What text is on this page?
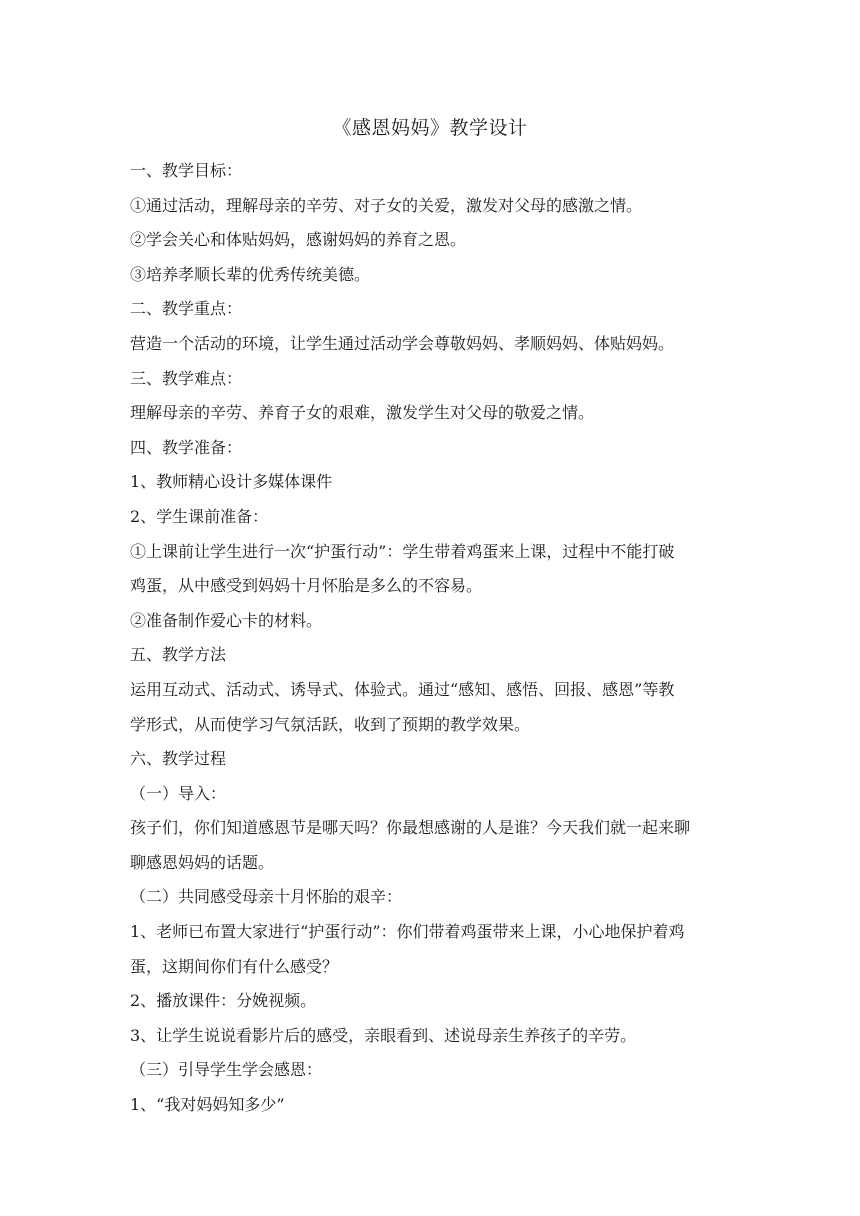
《感恩妈妈》教学设计
一、教学目标：
①通过活动，理解母亲的辛劳、对子女的关爱，激发对父母的感激之情。
②学会关心和体贴妈妈，感谢妈妈的养育之恩。
③培养孝顺长辈的优秀传统美德。
二、教学重点：
营造一个活动的环境，让学生通过活动学会尊敬妈妈、孝顺妈妈、体贴妈妈。
三、教学难点：
理解母亲的辛劳、养育子女的艰难，激发学生对父母的敬爱之情。
四、教学准备：
1、教师精心设计多媒体课件
2、学生课前准备：
①上课前让学生进行一次“护蛋行动”：学生带着鸡蛋来上课，过程中不能打破
鸡蛋，从中感受到妈妈十月怀胎是多么的不容易。
②准备制作爱心卡的材料。
五、教学方法
运用互动式、活动式、诱导式、体验式。通过“感知、感悟、回报、感恩”等教
学形式，从而使学习气氛活跃，收到了预期的教学效果。
六、教学过程
（一）导入：
孩子们，你们知道感恩节是哪天吗？你最想感谢的人是谁？今天我们就一起来聊
聊感恩妈妈的话题。
（二）共同感受母亲十月怀胎的艰辛：
1、老师已布置大家进行“护蛋行动”：你们带着鸡蛋带来上课，小心地保护着鸡
蛋，这期间你们有什么感受？
2、播放课件：分娩视频。
3、让学生说说看影片后的感受，亲眼看到、述说母亲生养孩子的辛劳。
（三）引导学生学会感恩：
1、“我对妈妈知多少”
